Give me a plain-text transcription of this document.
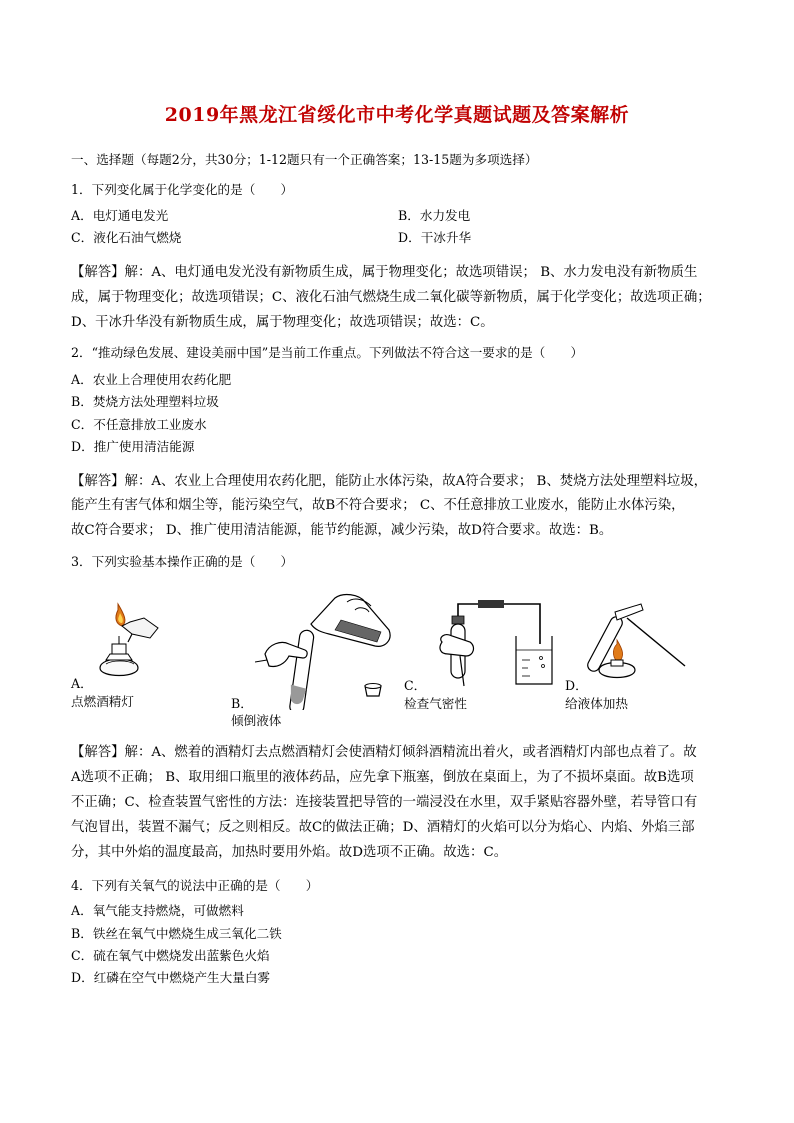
2019年黑龙江省绥化市中考化学真题试题及答案解析
一、选择题（每题2分，共30分；1-12题只有一个正确答案；13-15题为多项选择）
1．下列变化属于化学变化的是（　　）
A．电灯通电发光	B．水力发电
C．液化石油气燃烧	D．干冰升华
【解答】解：A、电灯通电发光没有新物质生成，属于物理变化；故选项错误； B、水力发电没有新物质生
成，属于物理变化；故选项错误；C、液化石油气燃烧生成二氧化碳等新物质，属于化学变化；故选项正确；
D、干冰升华没有新物质生成，属于物理变化；故选项错误；故选：C。
2．“推动绿色发展、建设美丽中国”是当前工作重点。下列做法不符合这一要求的是（　　）
A．农业上合理使用农药化肥
B．焚烧方法处理塑料垃圾
C．不任意排放工业废水
D．推广使用清洁能源
【解答】解：A、农业上合理使用农药化肥，能防止水体污染，故A符合要求； B、焚烧方法处理塑料垃圾，
能产生有害气体和烟尘等，能污染空气，故B不符合要求； C、不任意排放工业废水，能防止水体污染，
故C符合要求； D、推广使用清洁能源，能节约能源，减少污染，故D符合要求。故选：B。
3．下列实验基本操作正确的是（　　）
A．
点燃酒精灯	B．
倾倒液体
C．
检查气密性
D．
给液体加热
【解答】解：A、燃着的酒精灯去点燃酒精灯会使酒精灯倾斜酒精流出着火，或者酒精灯内部也点着了。故
A选项不正确； B、取用细口瓶里的液体药品，应先拿下瓶塞，倒放在桌面上，为了不损坏桌面。故B选项
不正确；C、检查装置气密性的方法：连接装置把导管的一端浸没在水里，双手紧贴容器外壁，若导管口有
气泡冒出，装置不漏气；反之则相反。故C的做法正确；D、酒精灯的火焰可以分为焰心、内焰、外焰三部
分，其中外焰的温度最高，加热时要用外焰。故D选项不正确。故选：C。
4．下列有关氧气的说法中正确的是（　　）
A．氧气能支持燃烧，可做燃料
B．铁丝在氧气中燃烧生成三氧化二铁
C．硫在氧气中燃烧发出蓝紫色火焰
D．红磷在空气中燃烧产生大量白雾
